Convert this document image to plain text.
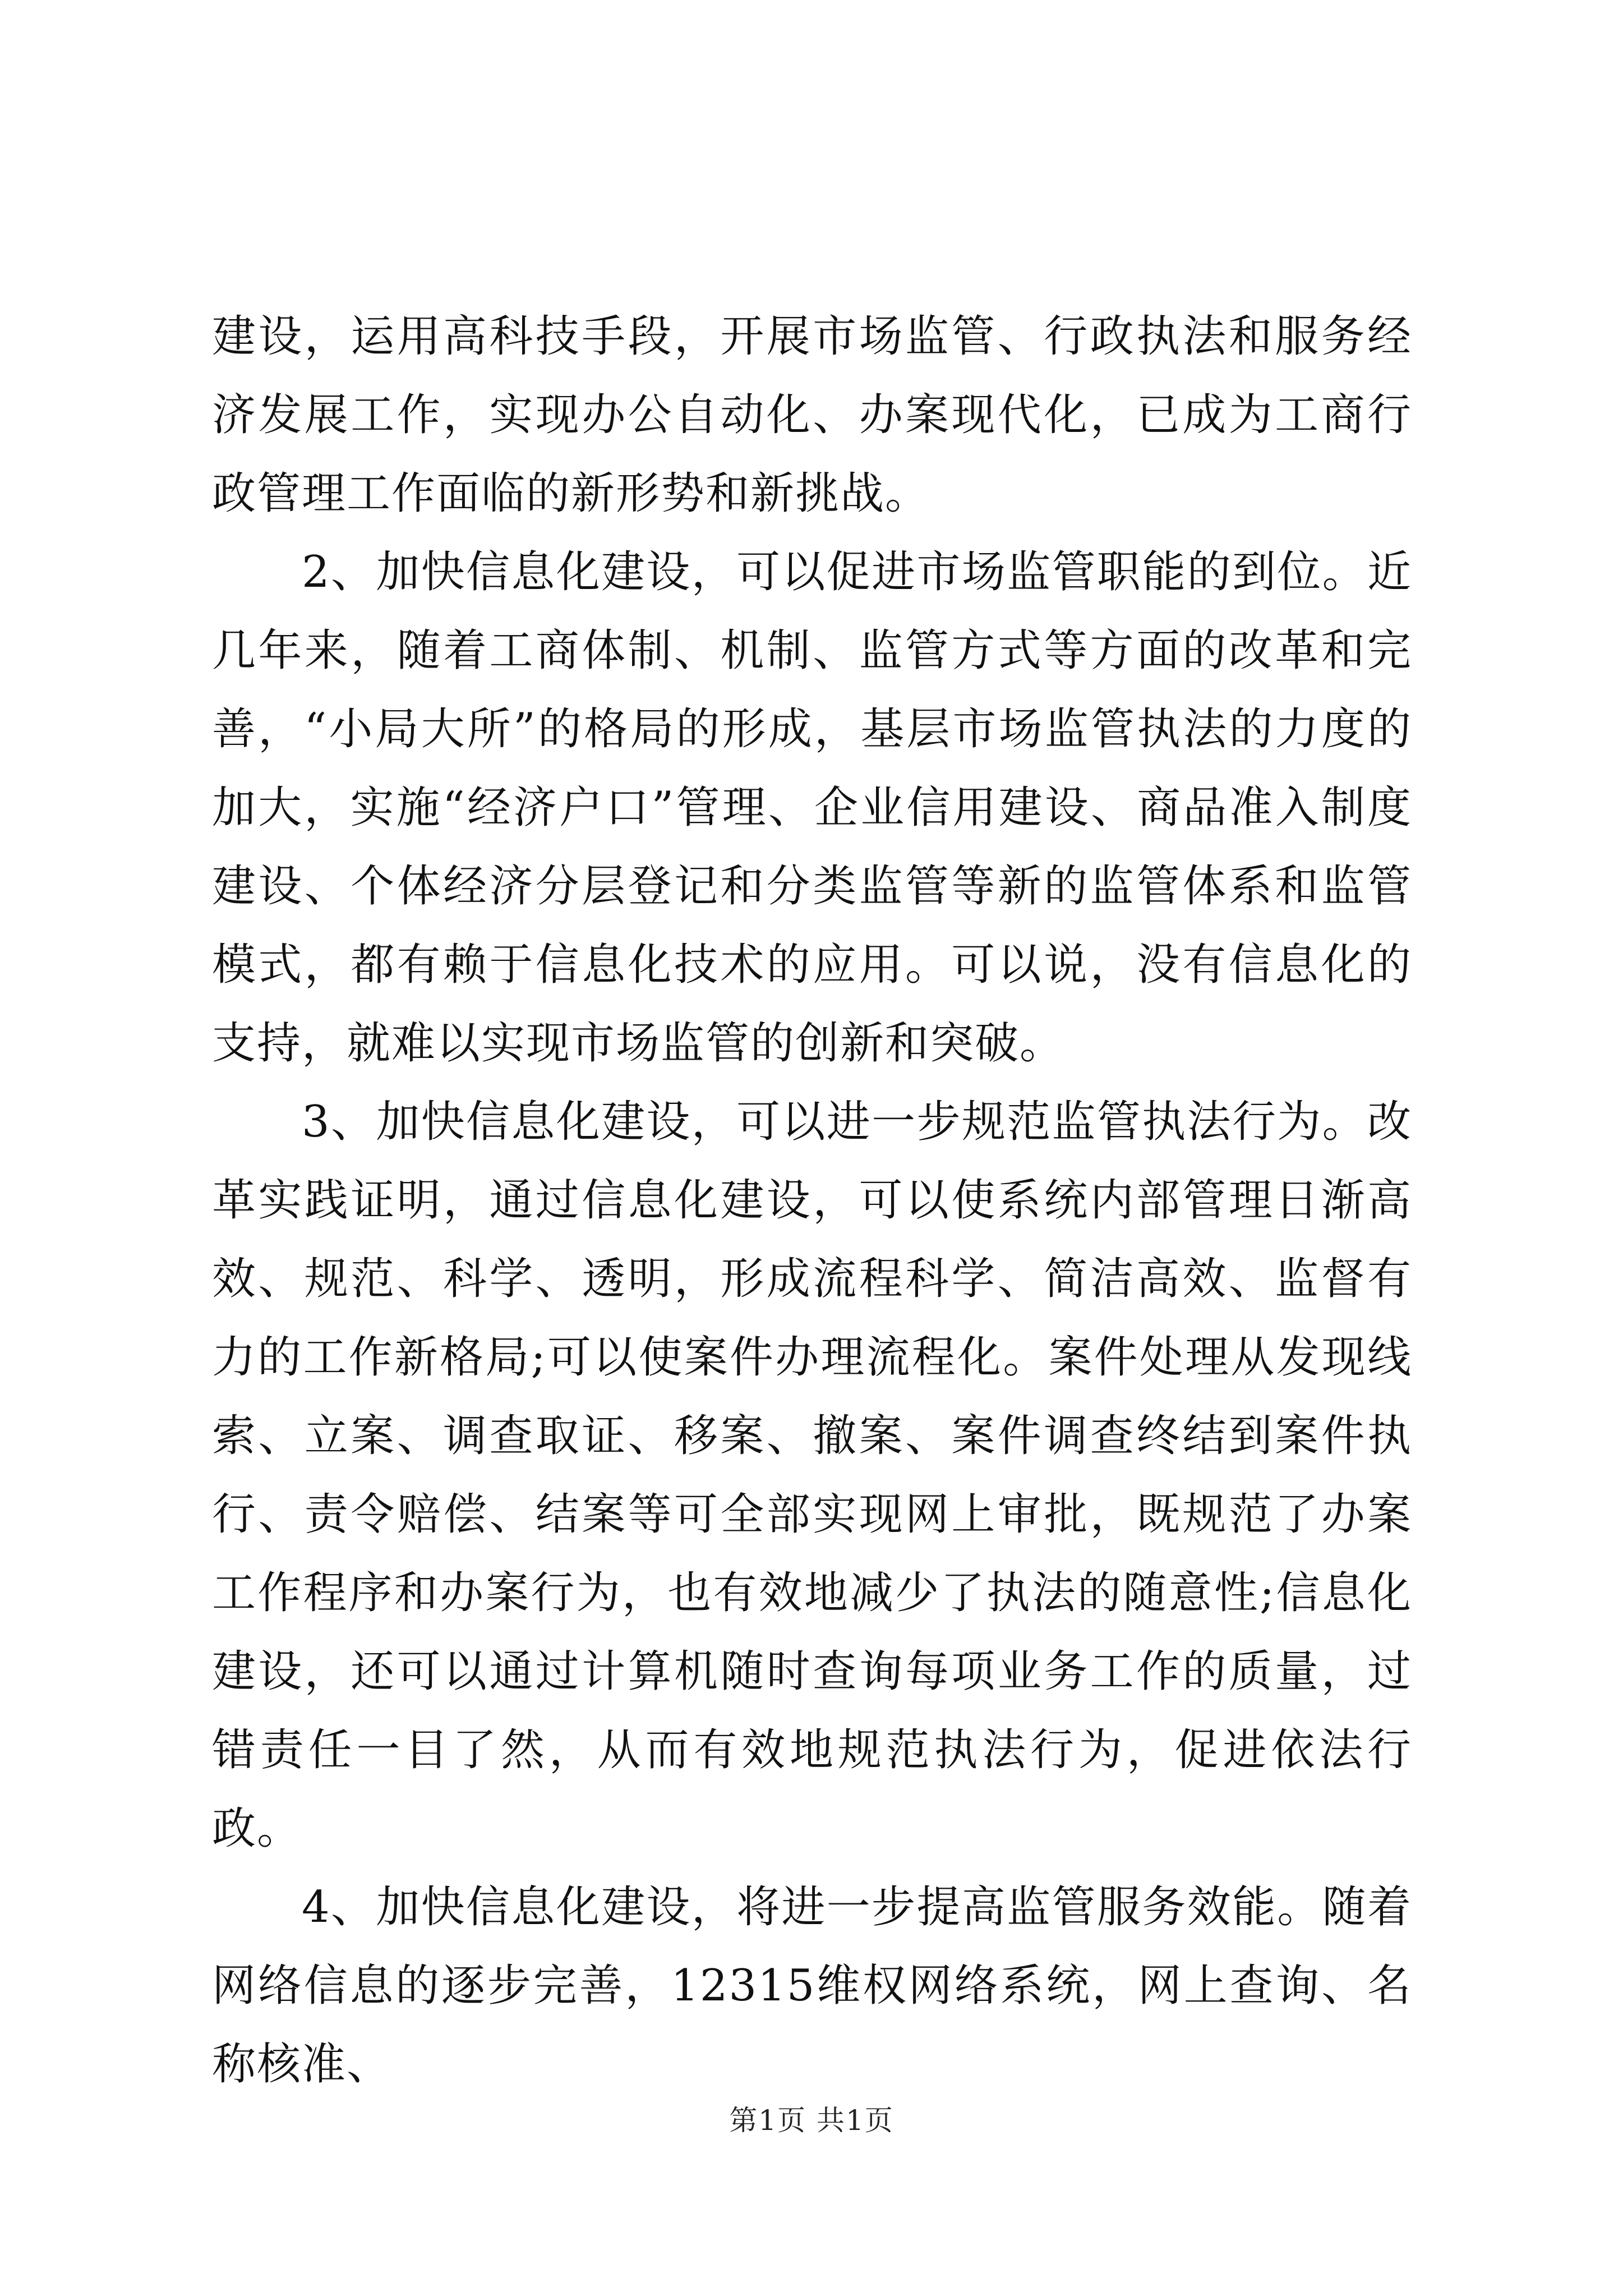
建设，运用高科技手段，开展市场监管、行政执法和服务经济发展工作，实现办公自动化、办案现代化，已成为工商行政管理工作面临的新形势和新挑战。

2、加快信息化建设，可以促进市场监管职能的到位。近几年来，随着工商体制、机制、监管方式等方面的改革和完善，“小局大所”的格局的形成，基层市场监管执法的力度的加大，实施“经济户口”管理、企业信用建设、商品准入制度建设、个体经济分层登记和分类监管等新的监管体系和监管模式，都有赖于信息化技术的应用。可以说，没有信息化的支持，就难以实现市场监管的创新和突破。

3、加快信息化建设，可以进一步规范监管执法行为。改革实践证明，通过信息化建设，可以使系统内部管理日渐高效、规范、科学、透明，形成流程科学、简洁高效、监督有力的工作新格局;可以使案件办理流程化。案件处理从发现线索、立案、调查取证、移案、撤案、案件调查终结到案件执行、责令赔偿、结案等可全部实现网上审批，既规范了办案工作程序和办案行为，也有效地减少了执法的随意性;信息化建设，还可以通过计算机随时查询每项业务工作的质量，过错责任一目了然，从而有效地规范执法行为，促进依法行政。

4、加快信息化建设，将进一步提高监管服务效能。随着网络信息的逐步完善，12315维权网络系统，网上查询、名称核准、

第1页 共1页
